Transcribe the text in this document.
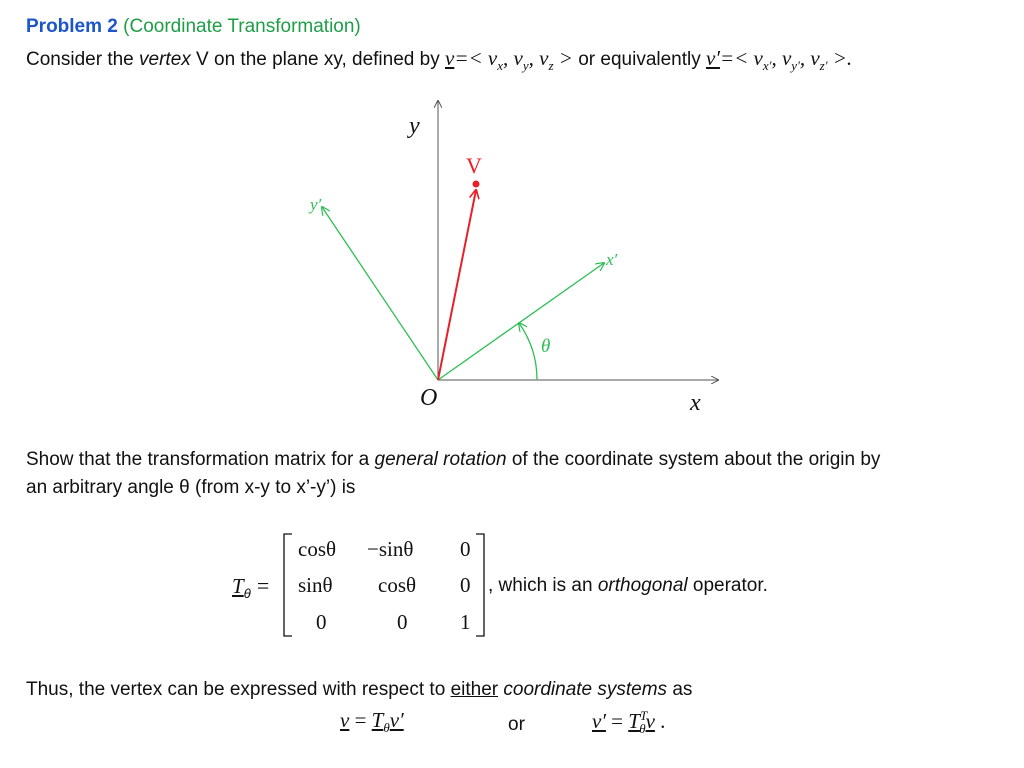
Problem 2 (Coordinate Transformation)
Consider the vertex V on the plane xy, defined by $v=< v_x$, $v_y$, $v_z$ > or equivalently $v'=< v_{x'}$, $v_{y'}$, $v_{z'}$ >.
y
x
O
y′
x′
θ
V
Show that the transformation matrix for a general rotation of the coordinate system about the origin by
an arbitrary angle θ (from x-y to x’-y’) is
$T_\theta$ =
cosθ −sinθ 0
sinθ cosθ 0
0	0	1
, which is an orthogonal operator.
Thus, the vertex can be expressed with respect to either coordinate systems as
$v = T_\theta v'$	or	$v' = T^T_\theta v$ .
